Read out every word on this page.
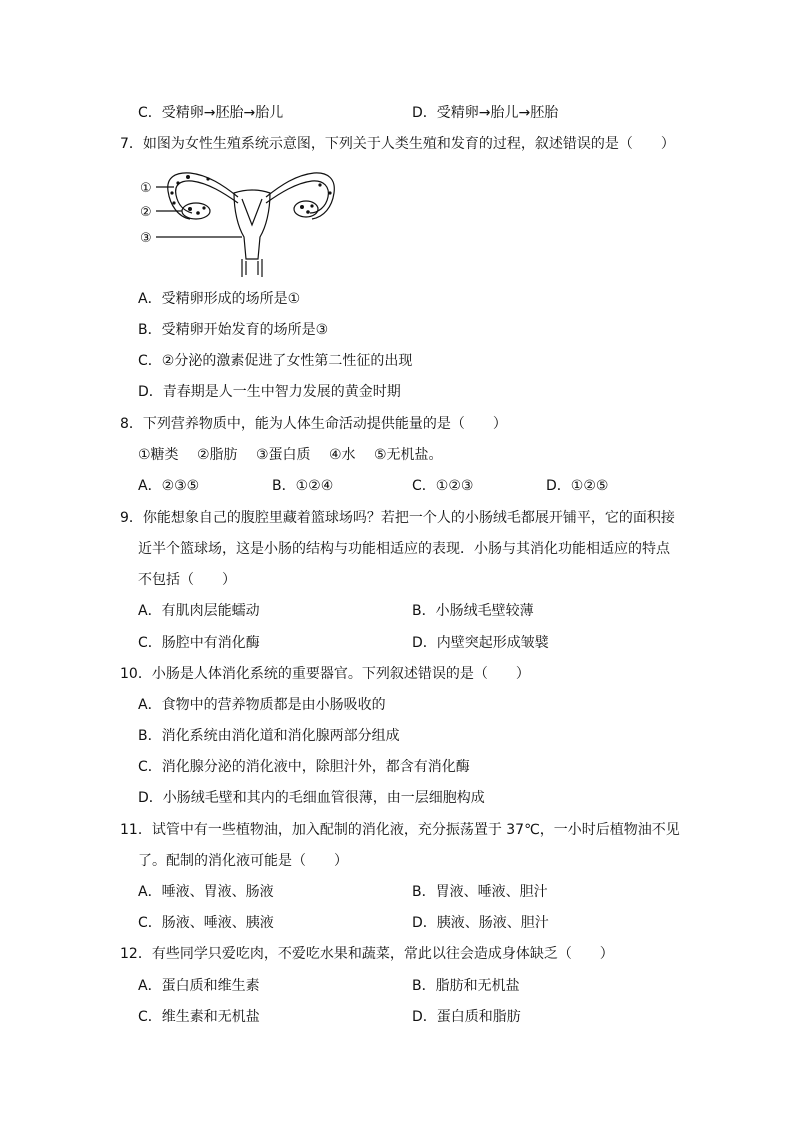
C．受精卵→胚胎→胎儿	D．受精卵→胎儿→胚胎
7．如图为女性生殖系统示意图，下列关于人类生殖和发育的过程，叙述错误的是（　　）
①
②
③
A．受精卵形成的场所是①
B．受精卵开始发育的场所是③
C．②分泌的激素促进了女性第二性征的出现
D．青春期是人一生中智力发展的黄金时期
8．下列营养物质中，能为人体生命活动提供能量的是（　　）
①糖类　 ②脂肪　 ③蛋白质　 ④水　 ⑤无机盐。
A．②③⑤	B．①②④	C．①②③	D．①②⑤
9．你能想象自己的腹腔里藏着篮球场吗？若把一个人的小肠绒毛都展开铺平，它的面积接
近半个篮球场，这是小肠的结构与功能相适应的表现．小肠与其消化功能相适应的特点
不包括（　　）
A．有肌肉层能蠕动	B．小肠绒毛壁较薄
C．肠腔中有消化酶	D．内壁突起形成皱襞
10．小肠是人体消化系统的重要器官。下列叙述错误的是（　　）
A．食物中的营养物质都是由小肠吸收的
B．消化系统由消化道和消化腺两部分组成
C．消化腺分泌的消化液中，除胆汁外，都含有消化酶
D．小肠绒毛壁和其内的毛细血管很薄，由一层细胞构成
11．试管中有一些植物油，加入配制的消化液，充分振荡置于 37℃，一小时后植物油不见
了。配制的消化液可能是（　　）
A．唾液、胃液、肠液	B．胃液、唾液、胆汁
C．肠液、唾液、胰液	D．胰液、肠液、胆汁
12．有些同学只爱吃肉，不爱吃水果和蔬菜，常此以往会造成身体缺乏（　　）
A．蛋白质和维生素	B．脂肪和无机盐
C．维生素和无机盐	D．蛋白质和脂肪
